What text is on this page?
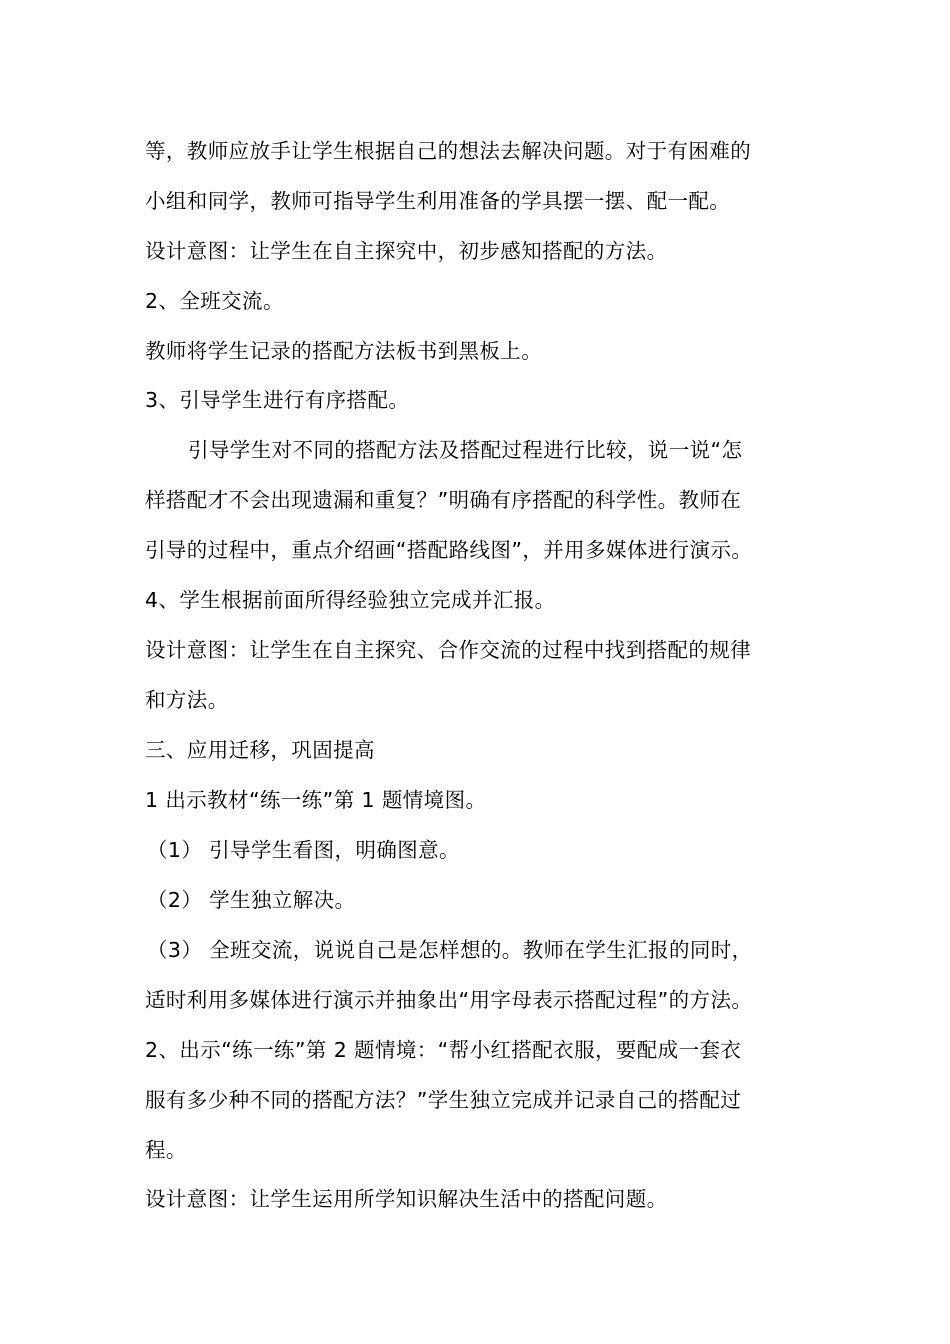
等，教师应放手让学生根据自己的想法去解决问题。对于有困难的
小组和同学，教师可指导学生利用准备的学具摆一摆、配一配。
设计意图：让学生在自主探究中，初步感知搭配的方法。
2、全班交流。
教师将学生记录的搭配方法板书到黑板上。
3、引导学生进行有序搭配。
引导学生对不同的搭配方法及搭配过程进行比较，说一说“怎
样搭配才不会出现遗漏和重复？”明确有序搭配的科学性。教师在
引导的过程中，重点介绍画“搭配路线图”，并用多媒体进行演示。
4、学生根据前面所得经验独立完成并汇报。
设计意图：让学生在自主探究、合作交流的过程中找到搭配的规律
和方法。
三、应用迁移，巩固提高
1 出示教材“练一练”第 1 题情境图。
（1） 引导学生看图，明确图意。
（2） 学生独立解决。
（3） 全班交流，说说自己是怎样想的。教师在学生汇报的同时，
适时利用多媒体进行演示并抽象出“用字母表示搭配过程”的方法。
2、出示“练一练”第 2 题情境：“帮小红搭配衣服，要配成一套衣
服有多少种不同的搭配方法？”学生独立完成并记录自己的搭配过
程。
设计意图：让学生运用所学知识解决生活中的搭配问题。
